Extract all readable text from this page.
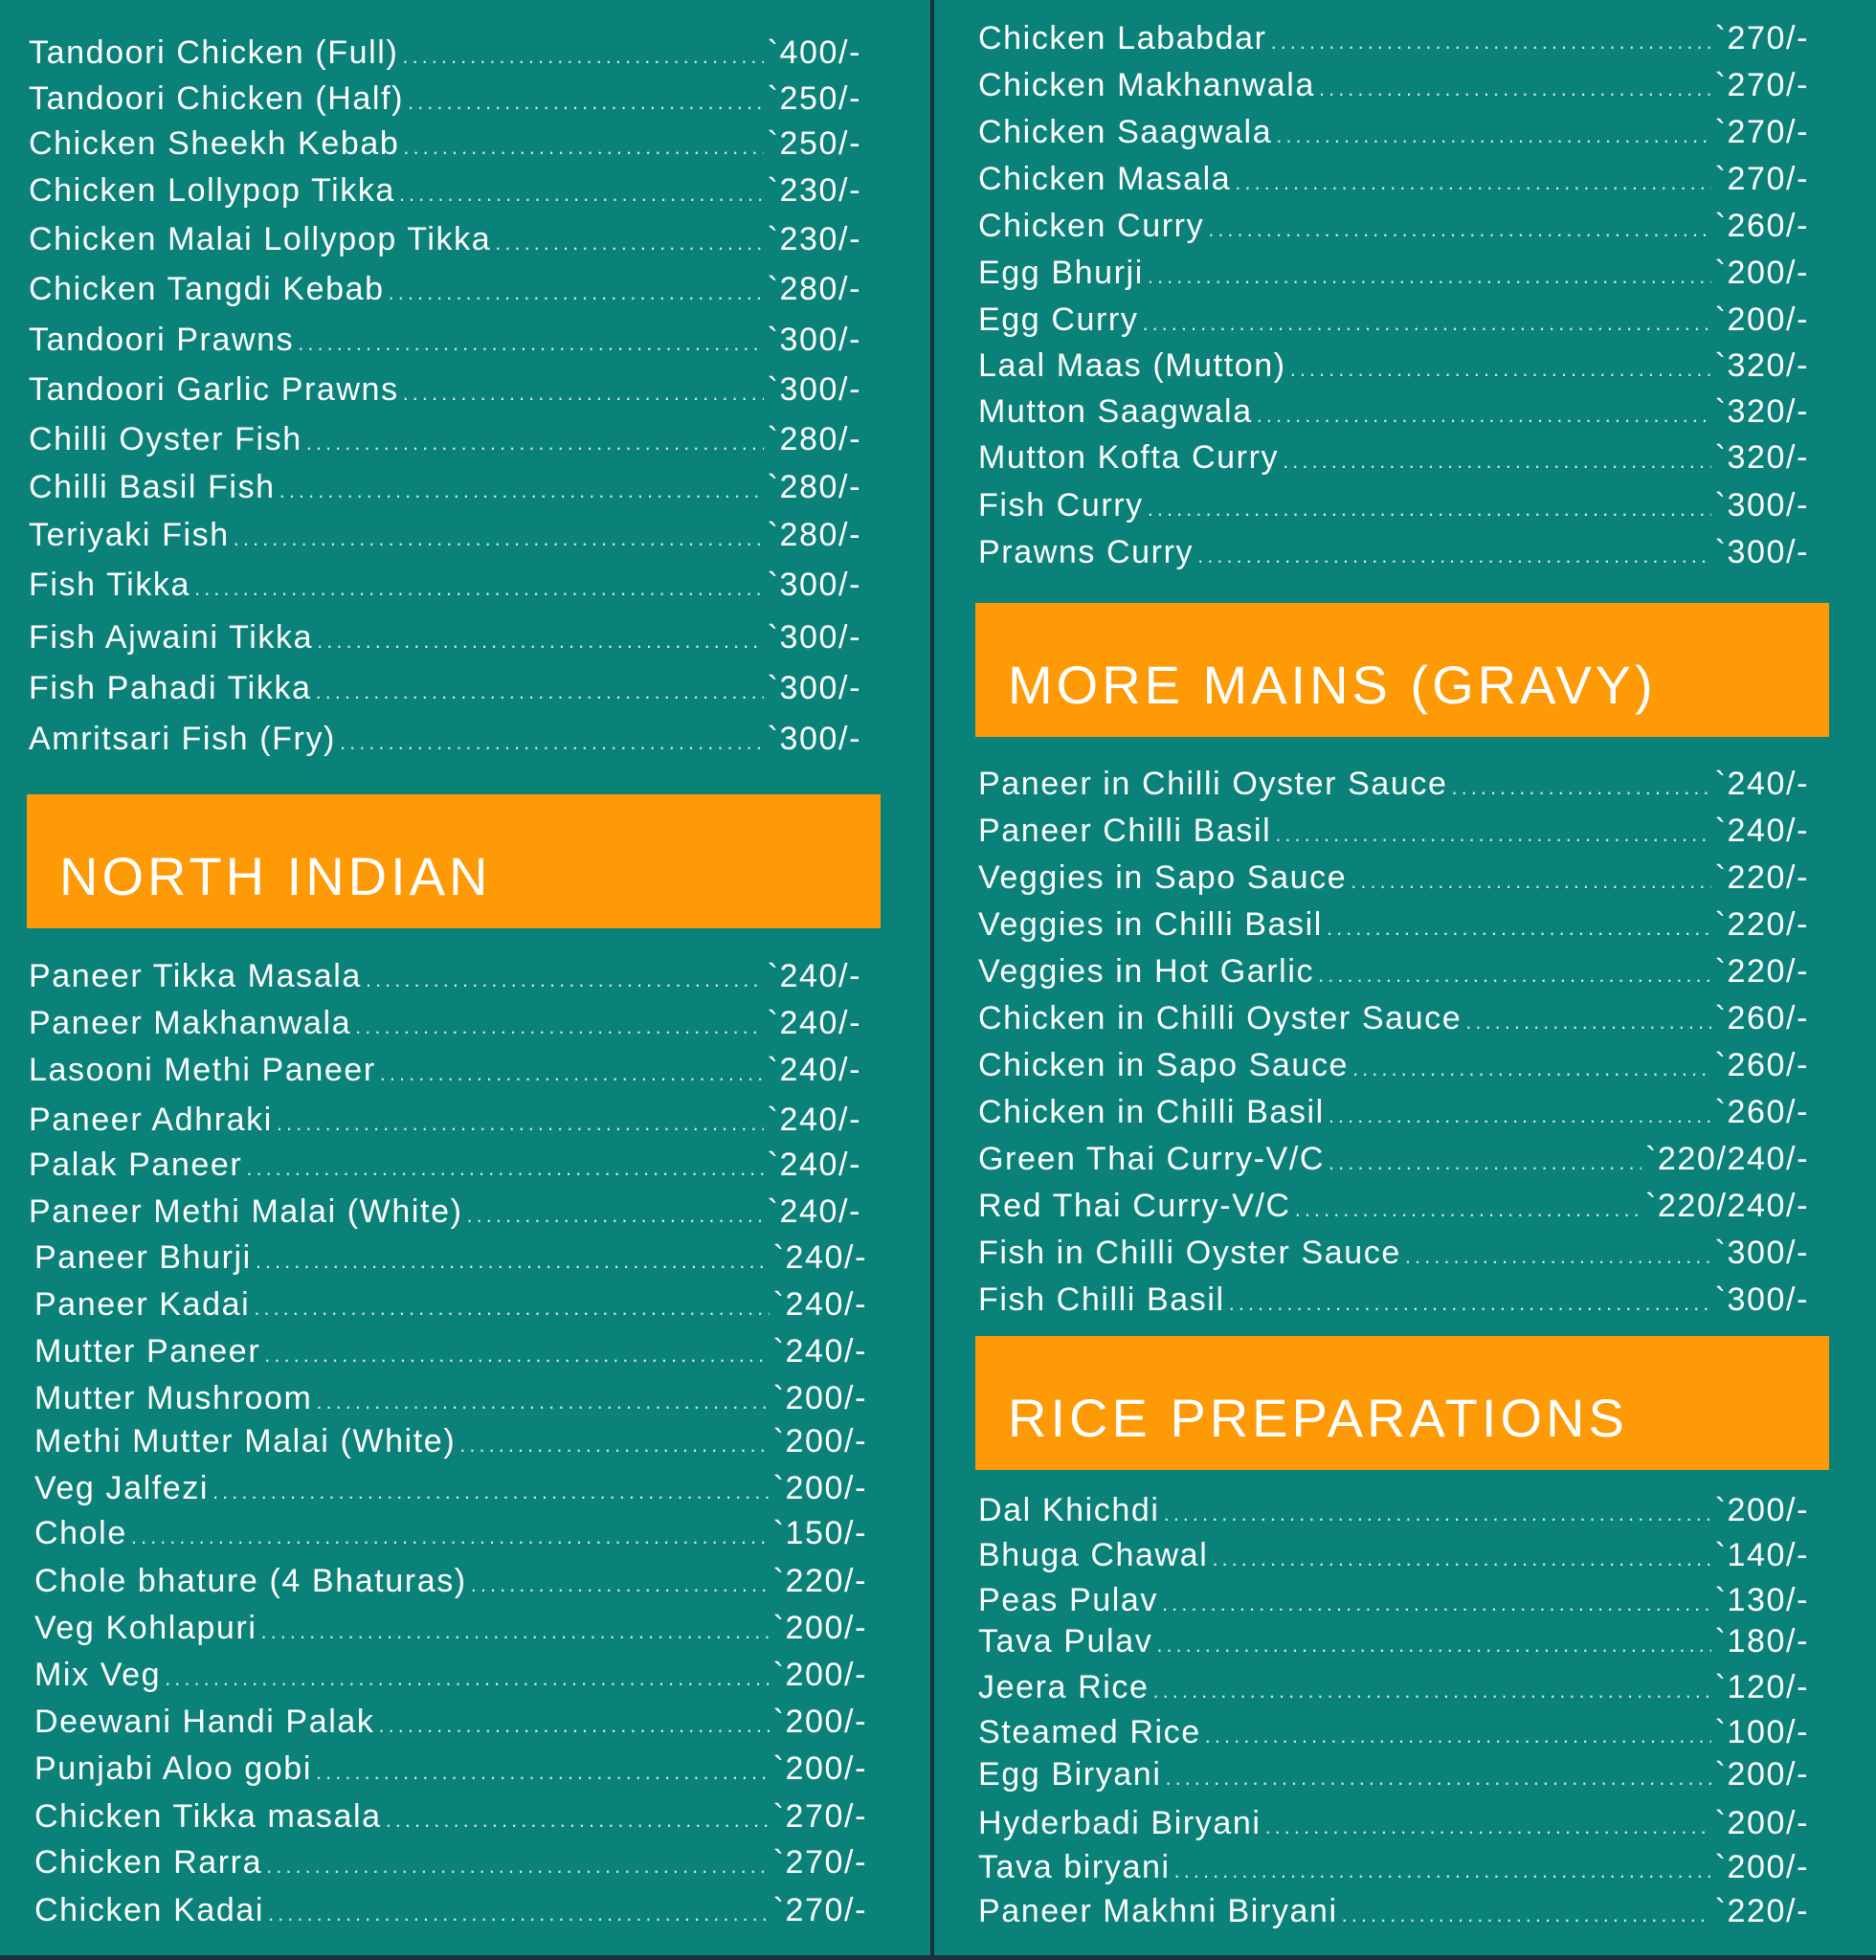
Tandoori Chicken (Full) .....	`400/-
Tandoori Chicken (Half) .....	`250/-
Chicken Sheekh Kebab .....	`250/-
Chicken Lollypop Tikka .....	`230/-
Chicken Malai Lollypop Tikka .....	`230/-
Chicken Tangdi Kebab .....	`280/-
Tandoori Prawns .....	`300/-
Tandoori Garlic Prawns .....	`300/-
Chilli Oyster Fish .....	`280/-
Chilli Basil Fish .....	`280/-
Teriyaki Fish .....	`280/-
Fish Tikka .....	`300/-
Fish Ajwaini Tikka .....	`300/-
Fish Pahadi Tikka .....	`300/-
Amritsari Fish (Fry) .....	`300/-
NORTH INDIAN
Paneer Tikka Masala .....	`240/-
Paneer Makhanwala .....	`240/-
Lasooni Methi Paneer .....	`240/-
Paneer Adhraki .....	`240/-
Palak Paneer .....	`240/-
Paneer Methi Malai (White) .....	`240/-
Paneer Bhurji .....	`240/-
Paneer Kadai .....	`240/-
Mutter Paneer .....	`240/-
Mutter Mushroom .....	`200/-
Methi Mutter Malai (White) .....	`200/-
Veg Jalfezi .....	`200/-
Chole .....	`150/-
Chole bhature (4 Bhaturas) .....	`220/-
Veg Kohlapuri .....	`200/-
Mix Veg .....	`200/-
Deewani Handi Palak .....	`200/-
Punjabi Aloo gobi .....	`200/-
Chicken Tikka masala .....	`270/-
Chicken Rarra .....	`270/-
Chicken Kadai .....	`270/-
Chicken Lababdar .....	`270/-
Chicken Makhanwala .....	`270/-
Chicken Saagwala .....	`270/-
Chicken Masala .....	`270/-
Chicken Curry .....	`260/-
Egg Bhurji .....	`200/-
Egg Curry .....	`200/-
Laal Maas (Mutton) .....	`320/-
Mutton Saagwala .....	`320/-
Mutton Kofta Curry .....	`320/-
Fish Curry .....	`300/-
Prawns Curry .....	`300/-
MORE MAINS (GRAVY)
Paneer in Chilli Oyster Sauce .....	`240/-
Paneer Chilli Basil .....	`240/-
Veggies in Sapo Sauce .....	`220/-
Veggies in Chilli Basil .....	`220/-
Veggies in Hot Garlic .....	`220/-
Chicken in Chilli Oyster Sauce .....	`260/-
Chicken in Sapo Sauce .....	`260/-
Chicken in Chilli Basil .....	`260/-
Green Thai Curry-V/C .....	`220/240/-
Red Thai Curry-V/C .....	`220/240/-
Fish in Chilli Oyster Sauce .....	`300/-
Fish Chilli Basil .....	`300/-
RICE PREPARATIONS
Dal Khichdi .....	`200/-
Bhuga Chawal .....	`140/-
Peas Pulav .....	`130/-
Tava Pulav .....	`180/-
Jeera Rice .....	`120/-
Steamed Rice .....	`100/-
Egg Biryani .....	`200/-
Hyderbadi Biryani .....	`200/-
Tava biryani .....	`200/-
Paneer Makhni Biryani .....	`220/-
